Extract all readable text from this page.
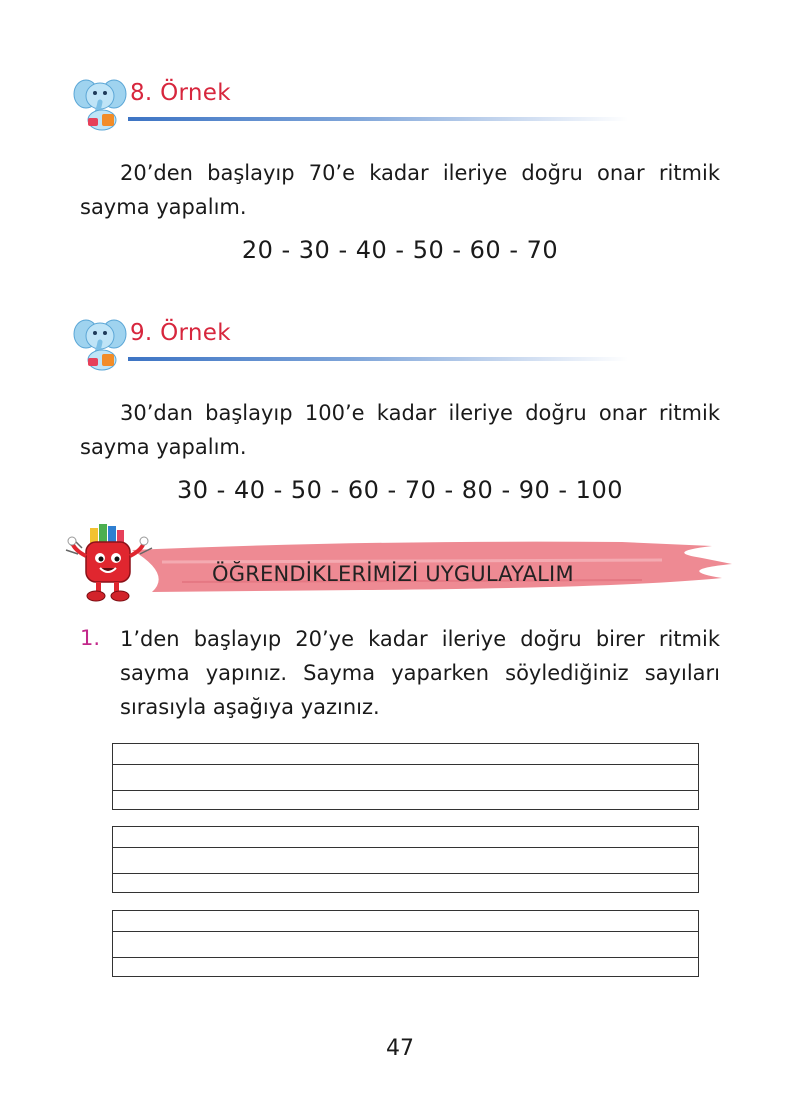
8. Örnek
20’den başlayıp 70’e kadar ileriye doğru onar ritmik sayma yapalım.
20 - 30 - 40 - 50 - 60 - 70
9. Örnek
30’dan başlayıp 100’e kadar ileriye doğru onar ritmik sayma yapalım.
30 - 40 - 50 - 60 - 70 - 80 - 90 - 100
ÖĞRENDİKLERİMİZİ UYGULAYALIM
1. 1’den başlayıp 20’ye kadar ileriye doğru birer ritmik sayma yapınız. Sayma yaparken söylediğiniz sayıları sırasıyla aşağıya yazınız.
47
